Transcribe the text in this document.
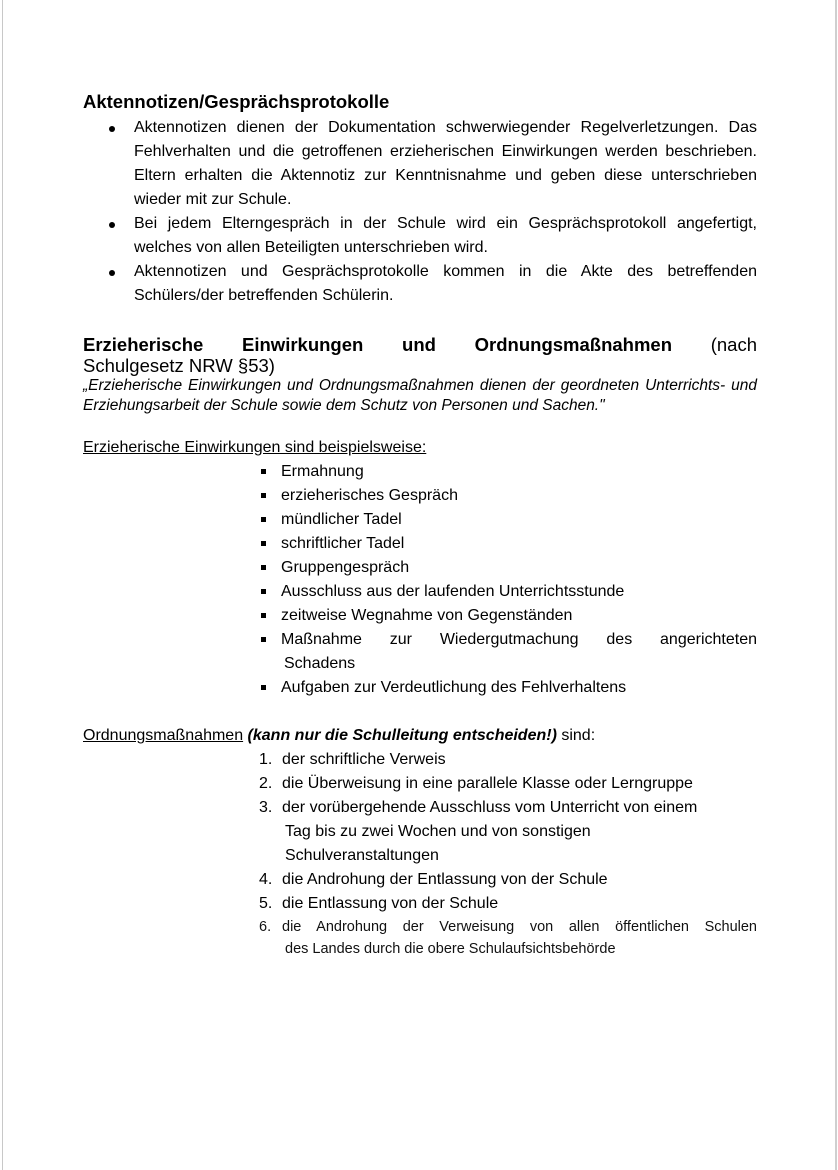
Aktennotizen/Gesprächsprotokolle
Aktennotizen dienen der Dokumentation schwerwiegender Regelverletzungen. Das Fehlverhalten und die getroffenen erzieherischen Einwirkungen werden beschrieben. Eltern erhalten die Aktennotiz zur Kenntnisnahme und geben diese unterschrieben wieder mit zur Schule.
Bei jedem Elterngespräch in der Schule wird ein Gesprächsprotokoll angefertigt, welches von allen Beteiligten unterschrieben wird.
Aktennotizen und Gesprächsprotokolle kommen in die Akte des betreffenden Schülers/der betreffenden Schülerin.
Erzieherische Einwirkungen und Ordnungsmaßnahmen (nach
Schulgesetz NRW §53)
„Erzieherische Einwirkungen und Ordnungsmaßnahmen dienen der geordneten Unterrichts- und Erziehungsarbeit der Schule sowie dem Schutz von Personen und Sachen."
Erzieherische Einwirkungen sind beispielsweise:
Ermahnung
erzieherisches Gespräch
mündlicher Tadel
schriftlicher Tadel
Gruppengespräch
Ausschluss aus der laufenden Unterrichtsstunde
zeitweise Wegnahme von Gegenständen
Maßnahme zur Wiedergutmachung des angerichteten
Schadens
Aufgaben zur Verdeutlichung des Fehlverhaltens
Ordnungsmaßnahmen (kann nur die Schulleitung entscheiden!) sind:
1. der schriftliche Verweis
2. die Überweisung in eine parallele Klasse oder Lerngruppe
3. der vorübergehende Ausschluss vom Unterricht von einem
Tag bis zu zwei Wochen und von sonstigen
Schulveranstaltungen
4. die Androhung der Entlassung von der Schule
5. die Entlassung von der Schule
6. die Androhung der Verweisung von allen öffentlichen Schulen
des Landes durch die obere Schulaufsichtsbehörde
